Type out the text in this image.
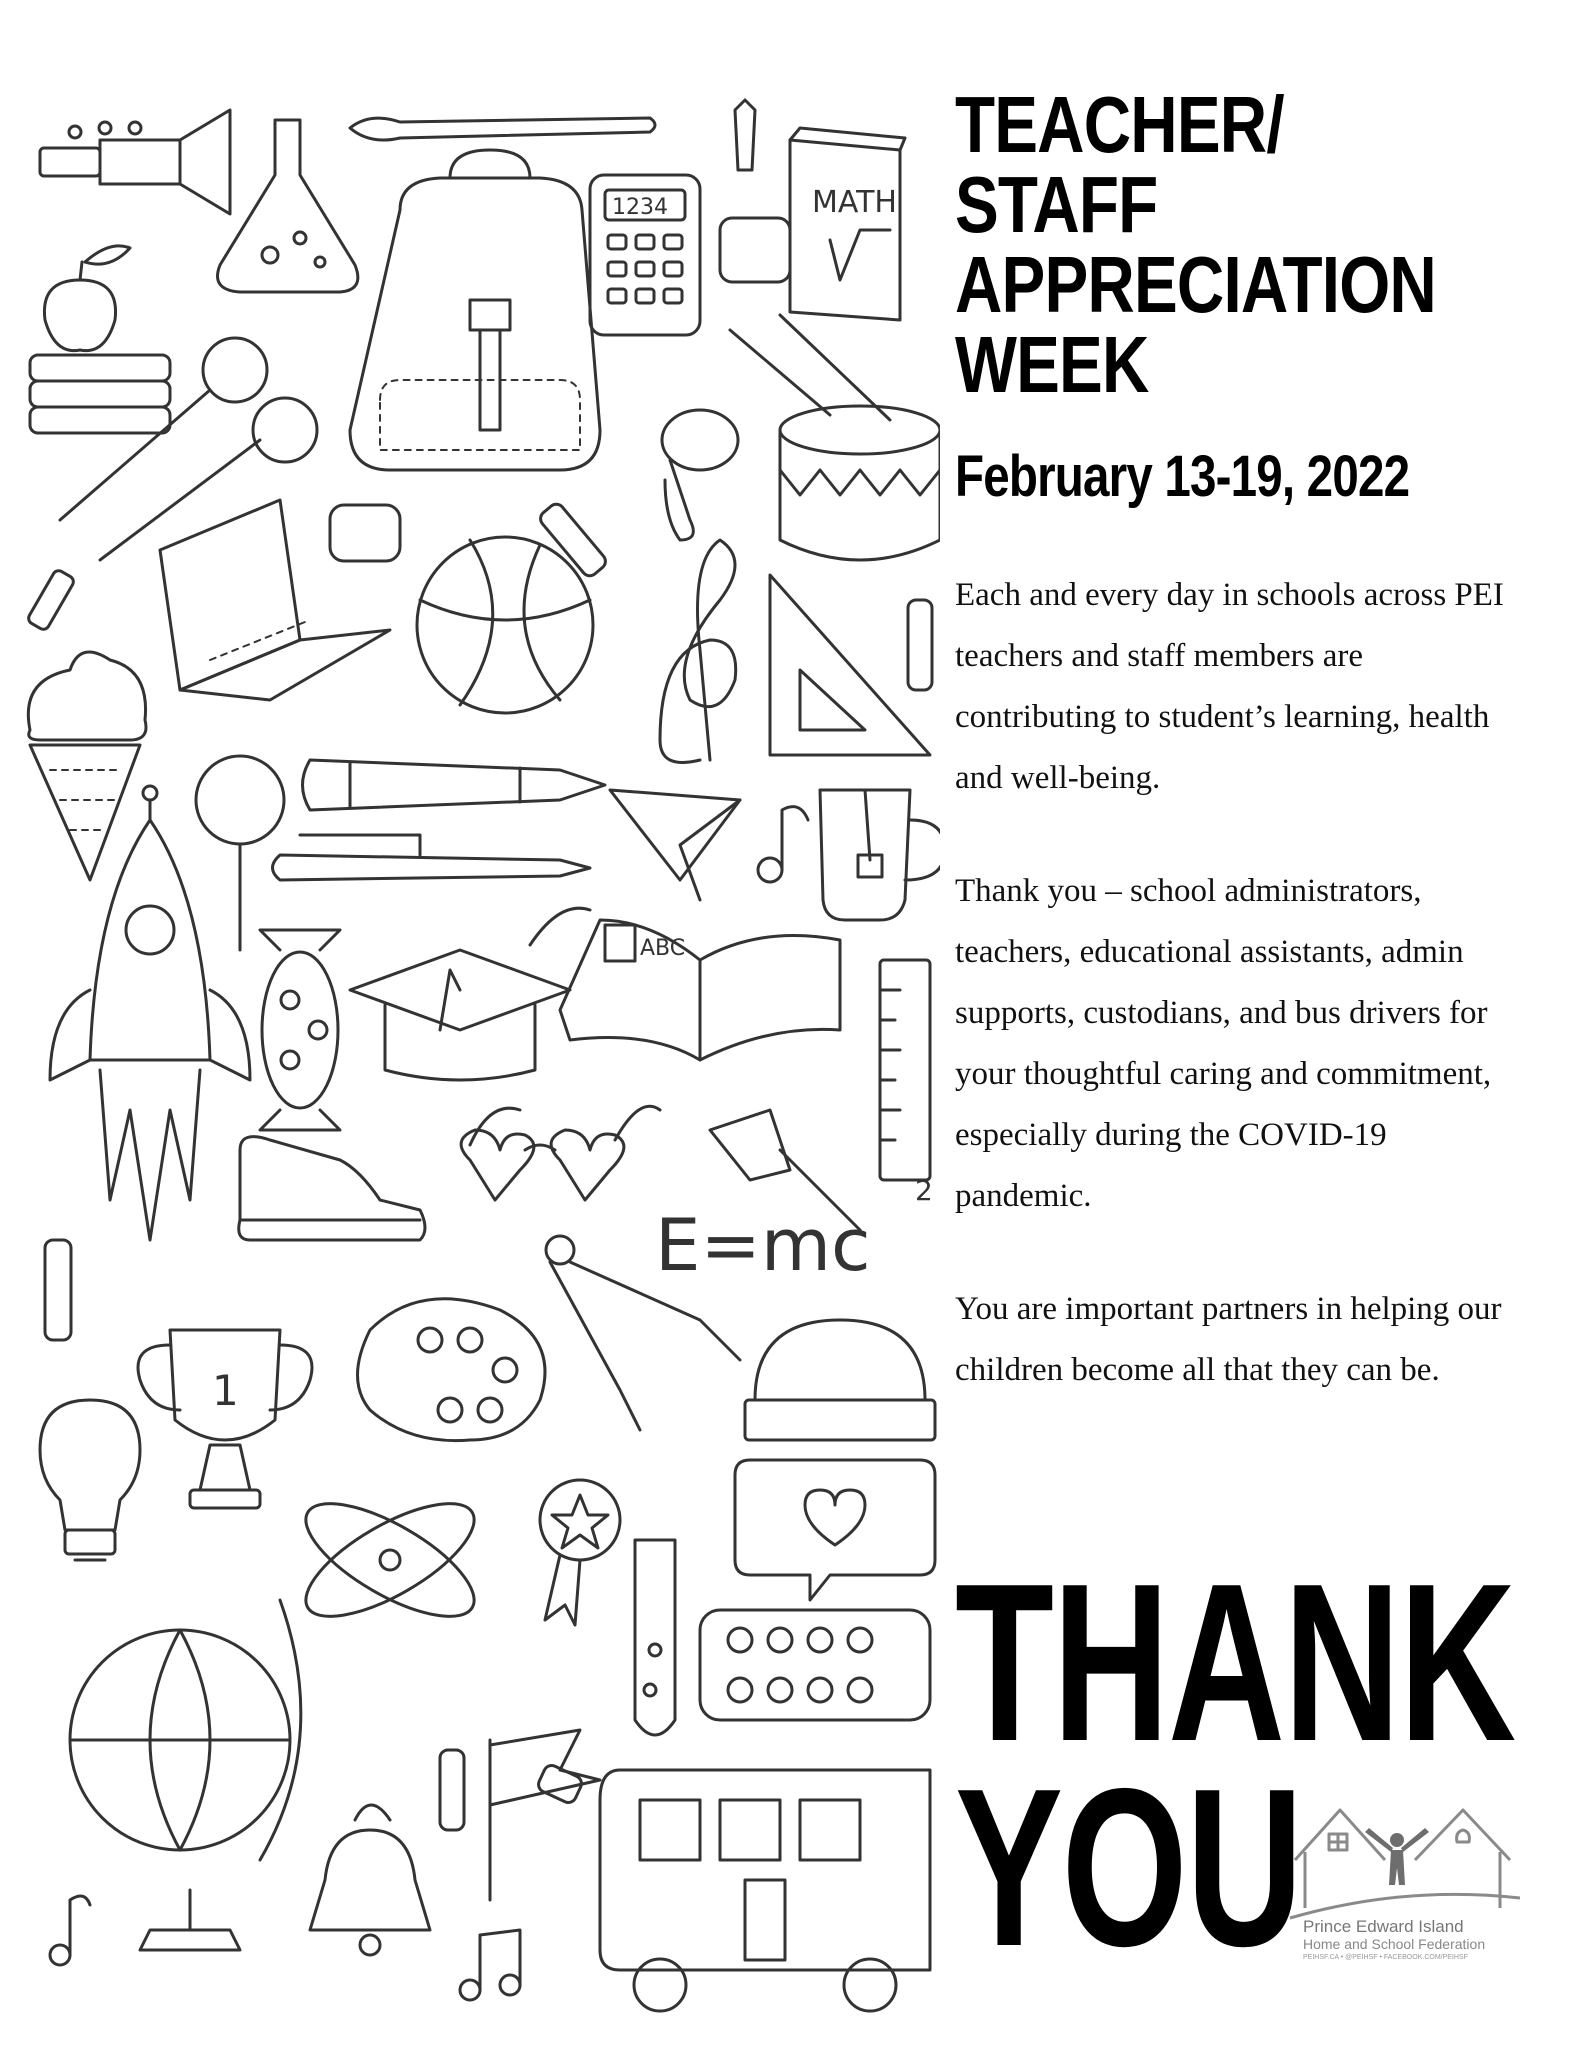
1234	MATH
ABC
E=mc
2
1
TEACHER/
STAFF
APPRECIATION
WEEK
February 13-19, 2022

Each and every day in schools across PEI teachers and staff members are contributing to student’s learning, health and well-being.

Thank you – school administrators, teachers, educational assistants, admin supports, custodians, and bus drivers for your thoughtful caring and commitment, especially during the COVID-19 pandemic.

You are important partners in helping our children become all that they can be.

THANK
YOU Prince Edward Island
Home and School Federation
PEIHSF.CA • @PEIHSF • FACEBOOK.COM/PEIHSF
